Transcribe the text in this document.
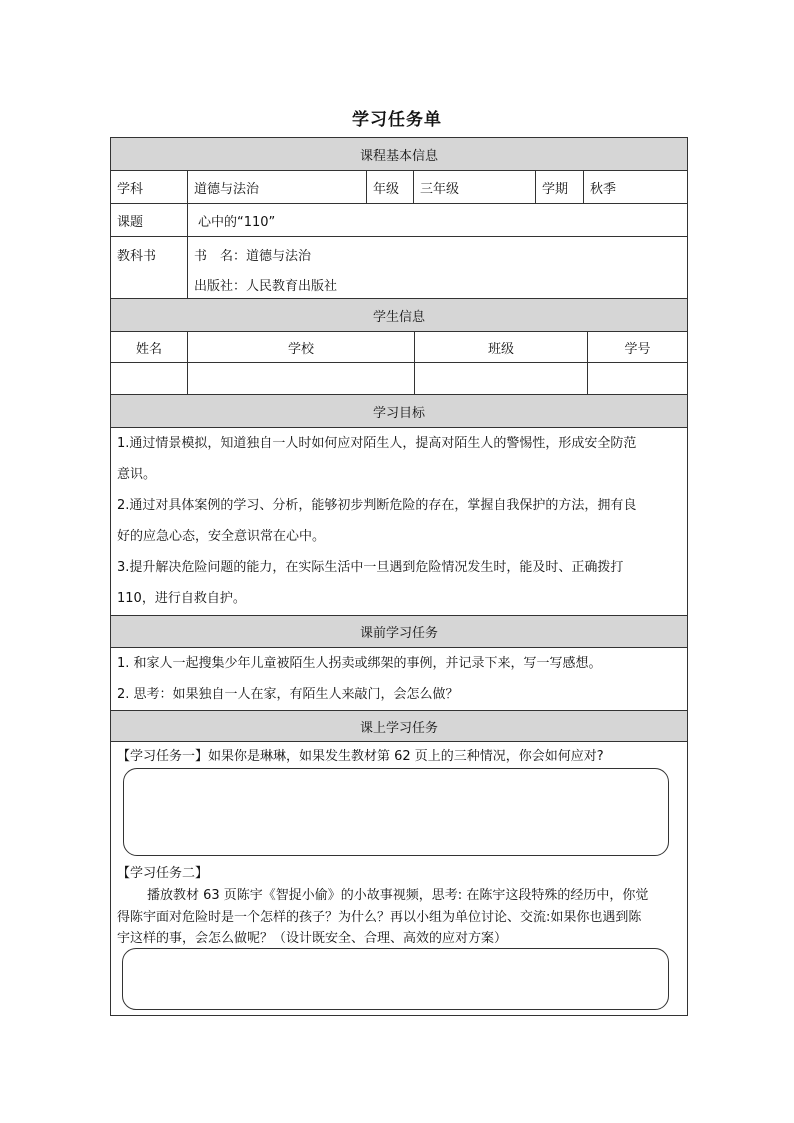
学习任务单
课程基本信息
学科	道德与法治	年级	三年级	学期	秋季
课题	心中的“110”
教科书	书　名：道德与法治
出版社：人民教育出版社
学生信息
姓名	学校	班级	学号
学习目标
1.通过情景模拟，知道独自一人时如何应对陌生人，提高对陌生人的警惕性，形成安全防范
意识。
2.通过对具体案例的学习、分析，能够初步判断危险的存在，掌握自我保护的方法，拥有良
好的应急心态，安全意识常在心中。
3.提升解决危险问题的能力，在实际生活中一旦遇到危险情况发生时，能及时、正确拨打
110，进行自救自护。
课前学习任务
1. 和家人一起搜集少年儿童被陌生人拐卖或绑架的事例，并记录下来，写一写感想。
2. 思考：如果独自一人在家，有陌生人来敲门，会怎么做？
课上学习任务
【学习任务一】如果你是琳琳，如果发生教材第 62 页上的三种情况，你会如何应对?
【学习任务二】
播放教材 63 页陈宇《智捉小偷》的小故事视频，思考: 在陈宇这段特殊的经历中，你觉
得陈宇面对危险时是一个怎样的孩子？为什么？再以小组为单位讨论、交流:如果你也遇到陈
宇这样的事，会怎么做呢？（设计既安全、合理、高效的应对方案）
